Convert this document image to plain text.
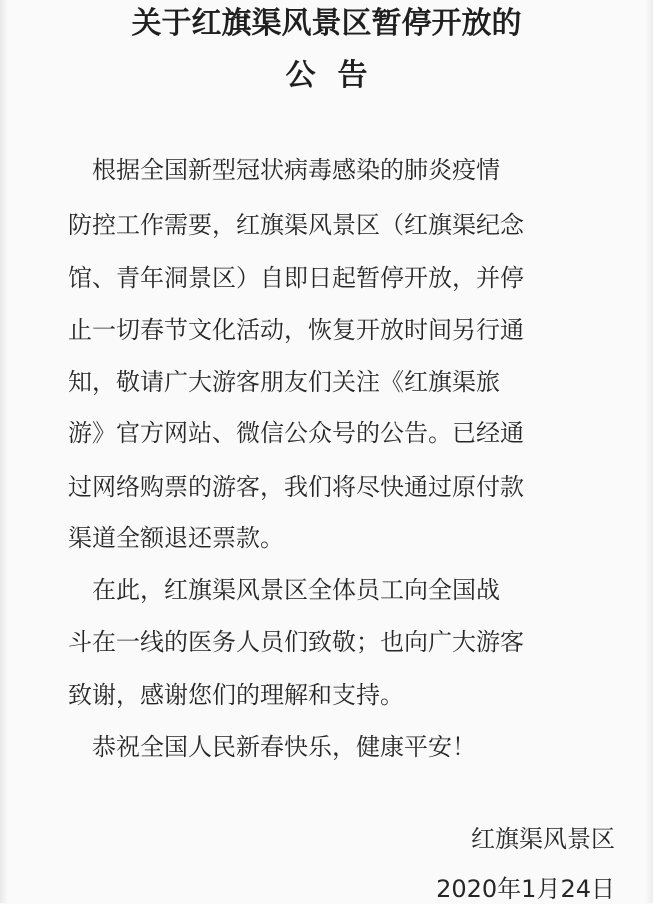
关于红旗渠风景区暂停开放的
公告
根据全国新型冠状病毒感染的肺炎疫情
防控工作需要，红旗渠风景区（红旗渠纪念
馆、青年洞景区）自即日起暂停开放，并停
止一切春节文化活动，恢复开放时间另行通
知，敬请广大游客朋友们关注《红旗渠旅
游》官方网站、微信公众号的公告。已经通
过网络购票的游客，我们将尽快通过原付款
渠道全额退还票款。
在此，红旗渠风景区全体员工向全国战
斗在一线的医务人员们致敬；也向广大游客
致谢，感谢您们的理解和支持。
恭祝全国人民新春快乐，健康平安！
红旗渠风景区
2020年1月24日
